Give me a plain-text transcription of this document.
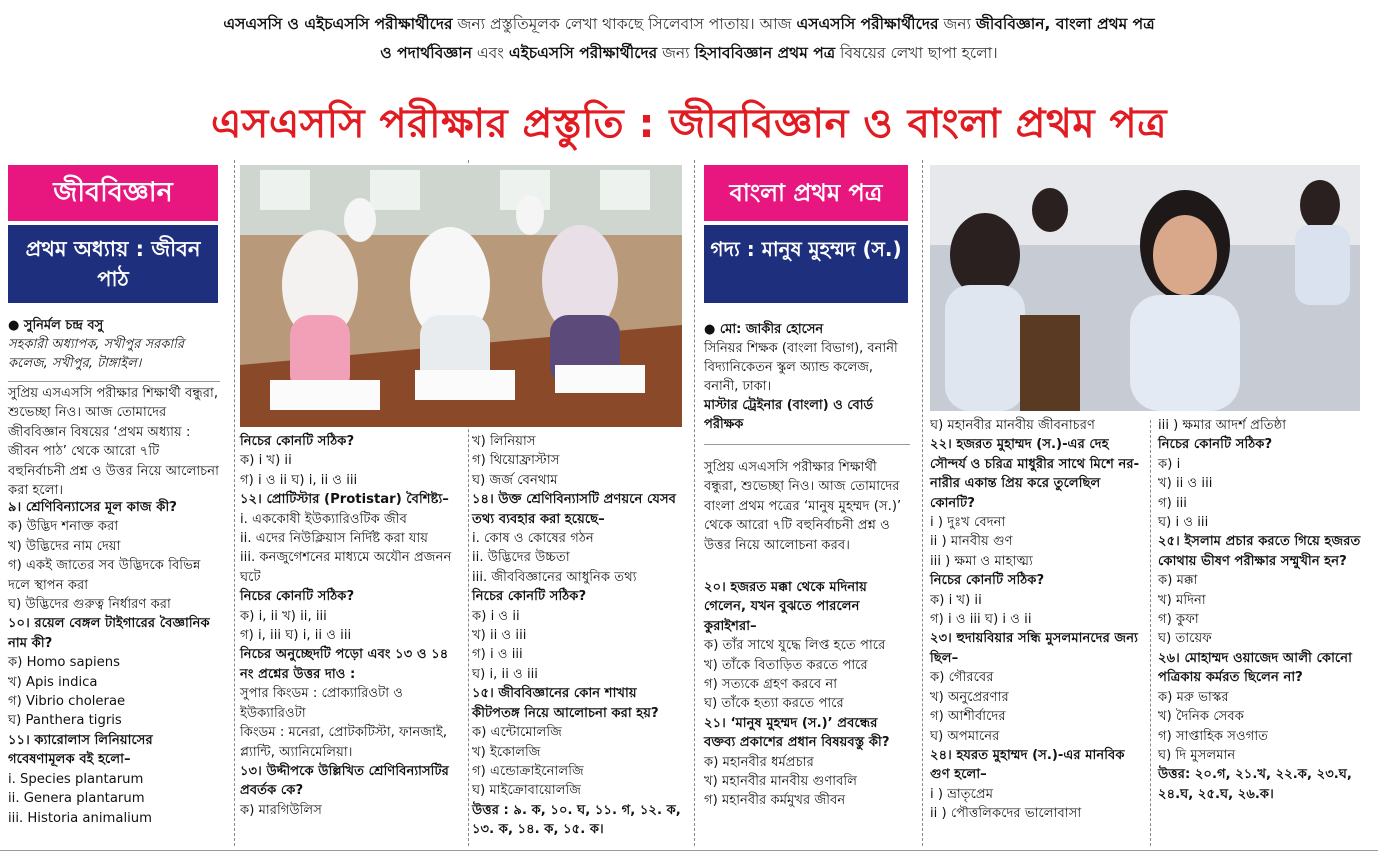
এসএসসি ও এইচএসসি পরীক্ষার্থীদের জন্য প্রস্তুতিমূলক লেখা থাকছে সিলেবাস পাতায়। আজ এসএসসি পরীক্ষার্থীদের জন্য জীববিজ্ঞান, বাংলা প্রথম পত্র
ও পদার্থবিজ্ঞান এবং এইচএসসি পরীক্ষার্থীদের জন্য হিসাববিজ্ঞান প্রথম পত্র বিষয়ের লেখা ছাপা হলো।
এসএসসি পরীক্ষার প্রস্তুতি : জীববিজ্ঞান ও বাংলা প্রথম পত্র
জীববিজ্ঞান
প্রথম অধ্যায় : জীবন পাঠ
● সুনির্মল চন্দ্র বসু
সহকারী অধ্যাপক, সখীপুর সরকারি কলেজ, সখীপুর, টাঙ্গাইল।
সুপ্রিয় এসএসসি পরীক্ষার শিক্ষার্থী বন্ধুরা, শুভেচ্ছা নিও। আজ তোমাদের জীববিজ্ঞান বিষয়ের ‘প্রথম অধ্যায় : জীবন পাঠ’ থেকে আরো ৭টি বহুনির্বাচনী প্রশ্ন ও উত্তর নিয়ে আলোচনা করা হলো।

৯। শ্রেণিবিন্যাসের মূল কাজ কী?

ক) উদ্ভিদ শনাক্ত করা

খ) উদ্ভিদের নাম দেয়া

গ) একই জাতের সব উদ্ভিদকে বিভিন্ন দলে স্থাপন করা

ঘ) উদ্ভিদের গুরুত্ব নির্ধারণ করা

১০। রয়েল বেঙ্গল টাইগারের বৈজ্ঞানিক নাম কী?

ক) Homo sapiens

খ) Apis indica

গ) Vibrio cholerae

ঘ) Panthera tigris

১১। ক্যারোলাস লিনিয়াসের গবেষণামূলক বই হলো–

i. Species plantarum

ii. Genera plantarum

iii. Historia animalium

নিচের কোনটি সঠিক?

ক) i খ) ii

গ) i ও ii ঘ) i, ii ও iii

১২। প্রোটিস্টার (Protistar) বৈশিষ্ট্য–

i. এককোষী ইউক্যারিওটিক জীব

ii. এদের নিউক্লিয়াস নির্দিষ্ট করা যায়

iii. কনজুগেশনের মাধ্যমে অযৌন প্রজনন ঘটে

নিচের কোনটি সঠিক?

ক) i, ii খ) ii, iii

গ) i, iii ঘ) i, ii ও iii

নিচের অনুচ্ছেদটি পড়ো এবং ১৩ ও ১৪ নং প্রশ্নের উত্তর দাও :

সুপার কিংডম : প্রোক্যারিওটা ও ইউক্যারিওটা

কিংডম : মনেরা, প্রোটকটিস্টা, ফানজাই, প্ল্যান্টি, অ্যানিমেলিয়া।

১৩। উদ্দীপকে উল্লিখিত শ্রেণিবিন্যাসটির প্রবর্তক কে?

ক) মারগিউলিস

খ) লিনিয়াস

গ) থিয়োফ্রাস্টাস

ঘ) জর্জ বেনথাম

১৪। উক্ত শ্রেণিবিন্যাসটি প্রণয়নে যেসব তথ্য ব্যবহার করা হয়েছে–

i. কোষ ও কোষের গঠন

ii. উদ্ভিদের উচ্চতা

iii. জীববিজ্ঞানের আধুনিক তথ্য

নিচের কোনটি সঠিক?

ক) i ও ii

খ) ii ও iii

গ) i ও iii

ঘ) i, ii ও iii

১৫। জীববিজ্ঞানের কোন শাখায় কীটপতঙ্গ নিয়ে আলোচনা করা হয়?

ক) এন্টোমোলজি

খ) ইকোলজি

গ) এন্ডোক্রাইনোলজি

ঘ) মাইক্রোবায়োলজি

উত্তর : ৯. ক, ১০. ঘ, ১১. গ, ১২. ক, ১৩. ক, ১৪. ক, ১৫. ক।

বাংলা প্রথম পত্র
গদ্য : মানুষ মুহম্মদ (স.)
● মো: জাকীর হোসেন
সিনিয়র শিক্ষক (বাংলা বিভাগ), বনানী বিদ্যানিকেতন স্কুল অ্যান্ড কলেজ, বনানী, ঢাকা।
মাস্টার ট্রেইনার (বাংলা) ও বোর্ড পরীক্ষক
সুপ্রিয় এসএসসি পরীক্ষার শিক্ষার্থী বন্ধুরা, শুভেচ্ছা নিও। আজ তোমাদের বাংলা প্রথম পত্রের ‘মানুষ মুহম্মদ (স.)’ থেকে আরো ৭টি বহুনির্বাচনী প্রশ্ন ও উত্তর নিয়ে আলোচনা করব।

২০। হজরত মক্কা থেকে মদিনায় গেলেন, যখন বুঝতে পারলেন কুরাইশরা–

ক) তাঁর সাথে যুদ্ধে লিপ্ত হতে পারে

খ) তাঁকে বিতাড়িত করতে পারে

গ) সত্যকে গ্রহণ করবে না

ঘ) তাঁকে হত্যা করতে পারে

২১। ‘মানুষ মুহম্মদ (স.)’ প্রবন্ধের বক্তব্য প্রকাশের প্রধান বিষয়বস্তু কী?

ক) মহানবীর ধর্মপ্রচার

খ) মহানবীর মানবীয় গুণাবলি

গ) মহানবীর কর্মমুখর জীবন

ঘ) মহানবীর মানবীয় জীবনাচরণ

২২। হজরত মুহাম্মদ (স.)-এর দেহ সৌন্দর্য ও চরিত্র মাধুরীর সাথে মিশে নর-নারীর একান্ত প্রিয় করে তুলেছিল কোনটি?

i ) দুঃখ বেদনা

ii ) মানবীয় গুণ

iii ) ক্ষমা ও মাহাত্ম্য

নিচের কোনটি সঠিক?

ক) i খ) ii

গ) i ও iii ঘ) i ও ii

২৩। হুদায়বিয়ার সন্ধি মুসলমানদের জন্য ছিল–

ক) গৌরবের

খ) অনুপ্রেরণার

গ) আশীর্বাদের

ঘ) অপমানের

২৪। হযরত মুহাম্মদ (স.)-এর মানবিক গুণ হলো–

i ) ভ্রাতৃপ্রেম

ii ) পৌত্তলিকদের ভালোবাসা

iii ) ক্ষমার আদর্শ প্রতিষ্ঠা

নিচের কোনটি সঠিক?

ক) i

খ) ii ও iii

গ) iii

ঘ) i ও iii

২৫। ইসলাম প্রচার করতে গিয়ে হজরত কোথায় ভীষণ পরীক্ষার সম্মুখীন হন?

ক) মক্কা

খ) মদিনা

গ) কুফা

ঘ) তায়েফ

২৬। মোহাম্মদ ওয়াজেদ আলী কোনো পত্রিকায় কর্মরত ছিলেন না?

ক) মরু ভাস্কর

খ) দৈনিক সেবক

গ) সাপ্তাহিক সওগাত

ঘ) দি মুসলমান

উত্তর: ২০.গ, ২১.খ, ২২.ক, ২৩.ঘ, ২৪.ঘ, ২৫.ঘ, ২৬.ক।
